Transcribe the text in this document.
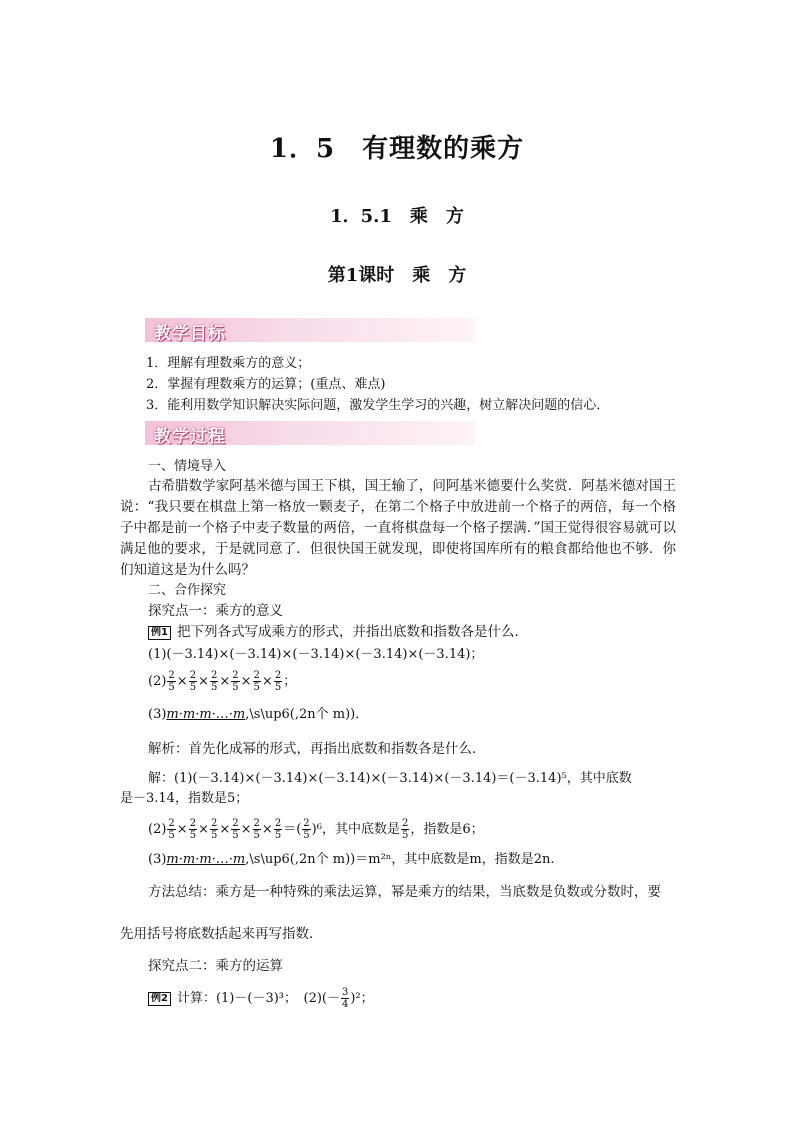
1．5　有理数的乘方
1．5.1　乘　方
第1课时　乘　方
教学目标
1．理解有理数乘方的意义；
2．掌握有理数乘方的运算；(重点、难点)
3．能利用数学知识解决实际问题，激发学生学习的兴趣，树立解决问题的信心．
教学过程
一、情境导入
古希腊数学家阿基米德与国王下棋，国王输了，问阿基米德要什么奖赏．阿基米德对国王说：“我只要在棋盘上第一格放一颗麦子，在第二个格子中放进前一个格子的两倍，每一个格子中都是前一个格子中麦子数量的两倍，一直将棋盘每一个格子摆满．”国王觉得很容易就可以满足他的要求，于是就同意了．但很快国王就发现，即使将国库所有的粮食都给他也不够．你们知道这是为什么吗？
二、合作探究
探究点一：乘方的意义
例1 把下列各式写成乘方的形式，并指出底数和指数各是什么．
(1)(－3.14)×(－3.14)×(－3.14)×(－3.14)×(－3.14)；
$(2) \frac{2}{5} \times \frac{2}{5} \times \frac{2}{5} \times \frac{2}{5} \times \frac{2}{5} \times \frac{2}{5}$ ；
(3)m·m·m·…·m,\s\up6(,2n个 m))．
解析：首先化成幂的形式，再指出底数和指数各是什么．
解：(1)(－3.14)×(－3.14)×(－3.14)×(－3.14)×(－3.14)＝(－3.14)⁵，其中底数
是－3.14，指数是5；
$(2) \frac{2}{5} \times \frac{2}{5} \times \frac{2}{5} \times \frac{2}{5} \times \frac{2}{5} \times \frac{2}{5}$ ＝( $\frac{2}{5} )^6$，其中底数是 $\frac{2}{5}$ ，指数是6；
(3)m·m·m·…·m,\s\up6(,2n个 m))＝m²ⁿ，其中底数是m，指数是2n.
方法总结：乘方是一种特殊的乘法运算，幂是乘方的结果，当底数是负数或分数时，要
先用括号将底数括起来再写指数．
探究点二：乘方的运算
例2 计算：(1)－(－3)³；　$(2)(- \frac{3}{4} )^2$；
